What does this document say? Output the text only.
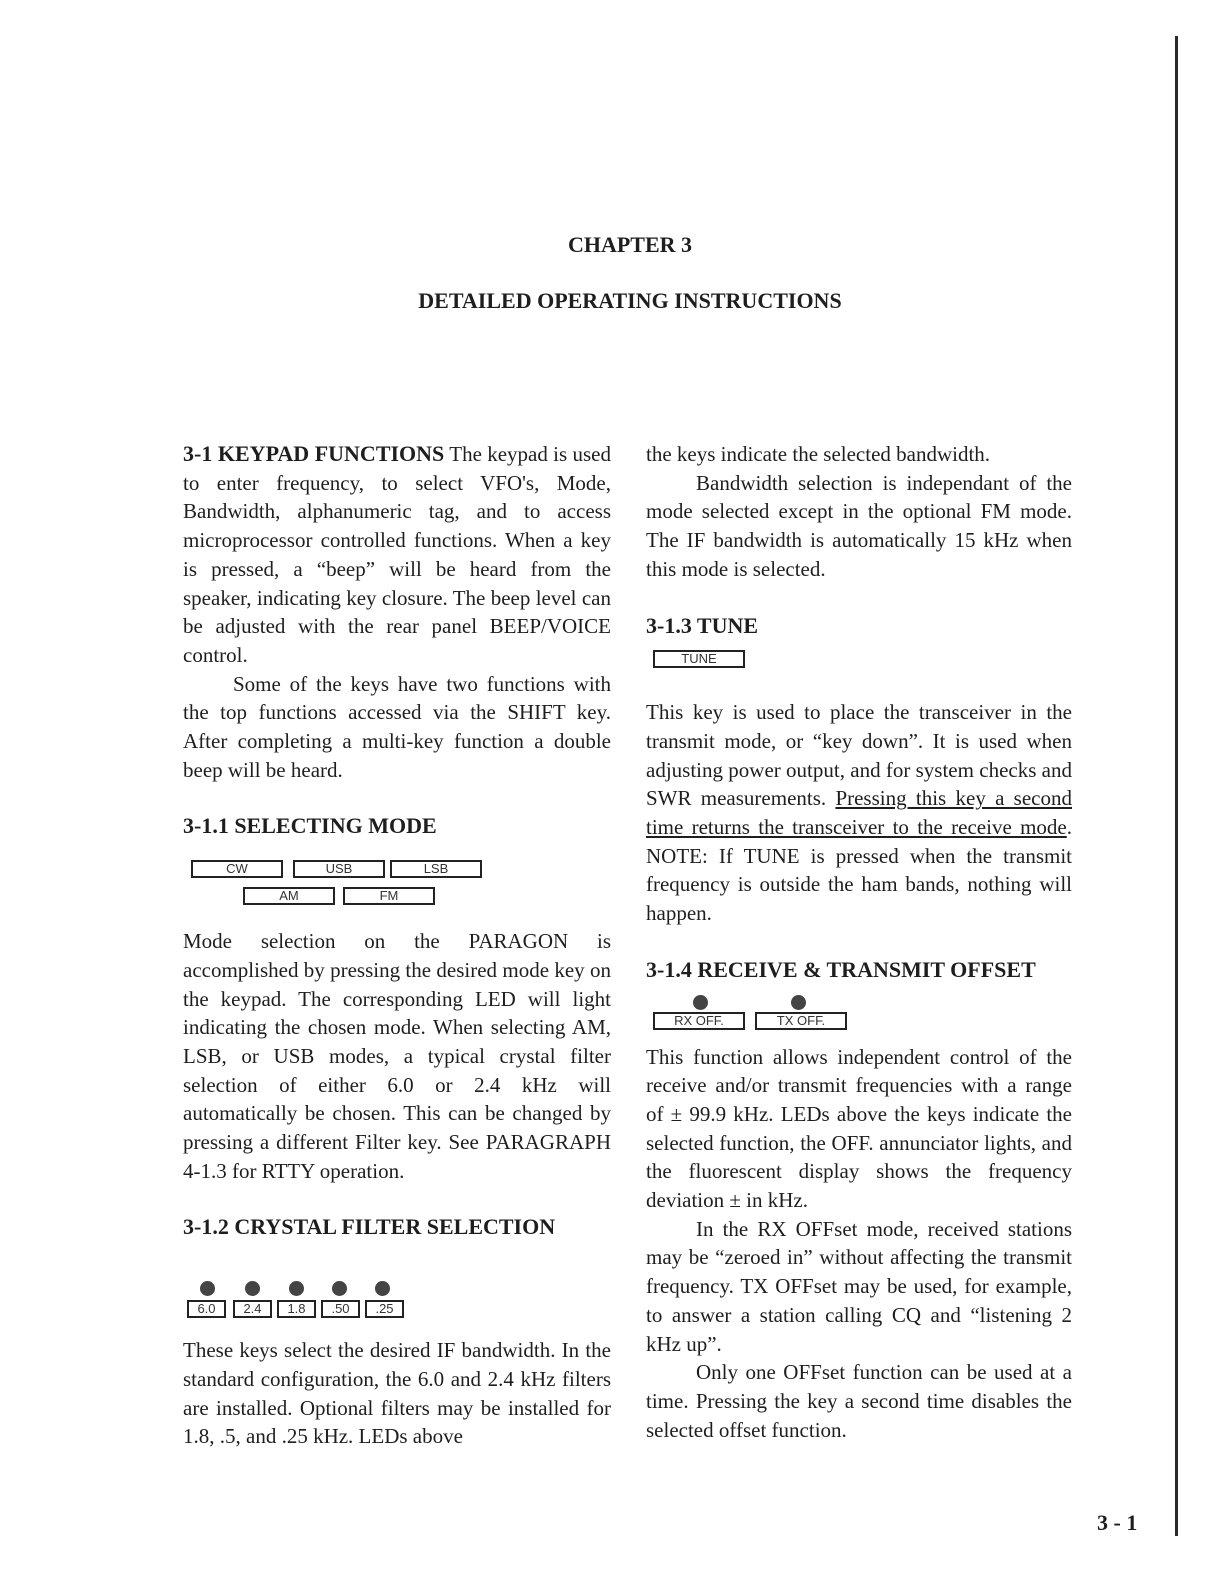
CHAPTER 3
DETAILED OPERATING INSTRUCTIONS

3-1 KEYPAD FUNCTIONS The keypad is used to enter frequency, to select VFO's, Mode, Bandwidth, alphanumeric tag, and to access microprocessor controlled functions. When a key is pressed, a “beep” will be heard from the speaker, indicating key closure. The beep level can be adjusted with the rear panel BEEP/VOICE control.

Some of the keys have two functions with the top functions accessed via the SHIFT key. After completing a multi-key function a double beep will be heard.

3-1.1 SELECTING MODE
CW	USB	LSB
AM	FM

Mode selection on the PARAGON is accomplished by pressing the desired mode key on the keypad. The corresponding LED will light indicating the chosen mode. When selecting AM, LSB, or USB modes, a typical crystal filter selection of either 6.0 or 2.4 kHz will automatically be chosen. This can be changed by pressing a different Filter key. See PARAGRAPH 4-1.3 for RTTY operation.

3-1.2 CRYSTAL FILTER SELECTION
6.0	2.4	1.8	.50	.25

These keys select the desired IF bandwidth. In the standard configuration, the 6.0 and 2.4 kHz filters are installed. Optional filters may be installed for 1.8, .5, and .25 kHz. LEDs above

the keys indicate the selected bandwidth.

Bandwidth selection is independant of the mode selected except in the optional FM mode. The IF bandwidth is automatically 15 kHz when this mode is selected.

3-1.3 TUNE
TUNE

This key is used to place the transceiver in the transmit mode, or “key down”. It is used when adjusting power output, and for system checks and SWR measurements. Pressing this key a second time returns the transceiver to the receive mode. NOTE: If TUNE is pressed when the transmit frequency is outside the ham bands, nothing will happen.

3-1.4 RECEIVE & TRANSMIT OFFSET
RX OFF.	TX OFF.

This function allows independent control of the receive and/or transmit frequencies with a range of ± 99.9 kHz. LEDs above the keys indicate the selected function, the OFF. annunciator lights, and the fluorescent display shows the frequency deviation ± in kHz.

In the RX OFFset mode, received stations may be “zeroed in” without affecting the transmit frequency. TX OFFset may be used, for example, to answer a station calling CQ and “listening 2 kHz up”.

Only one OFFset function can be used at a time. Pressing the key a second time disables the selected offset function.

3 - 1
